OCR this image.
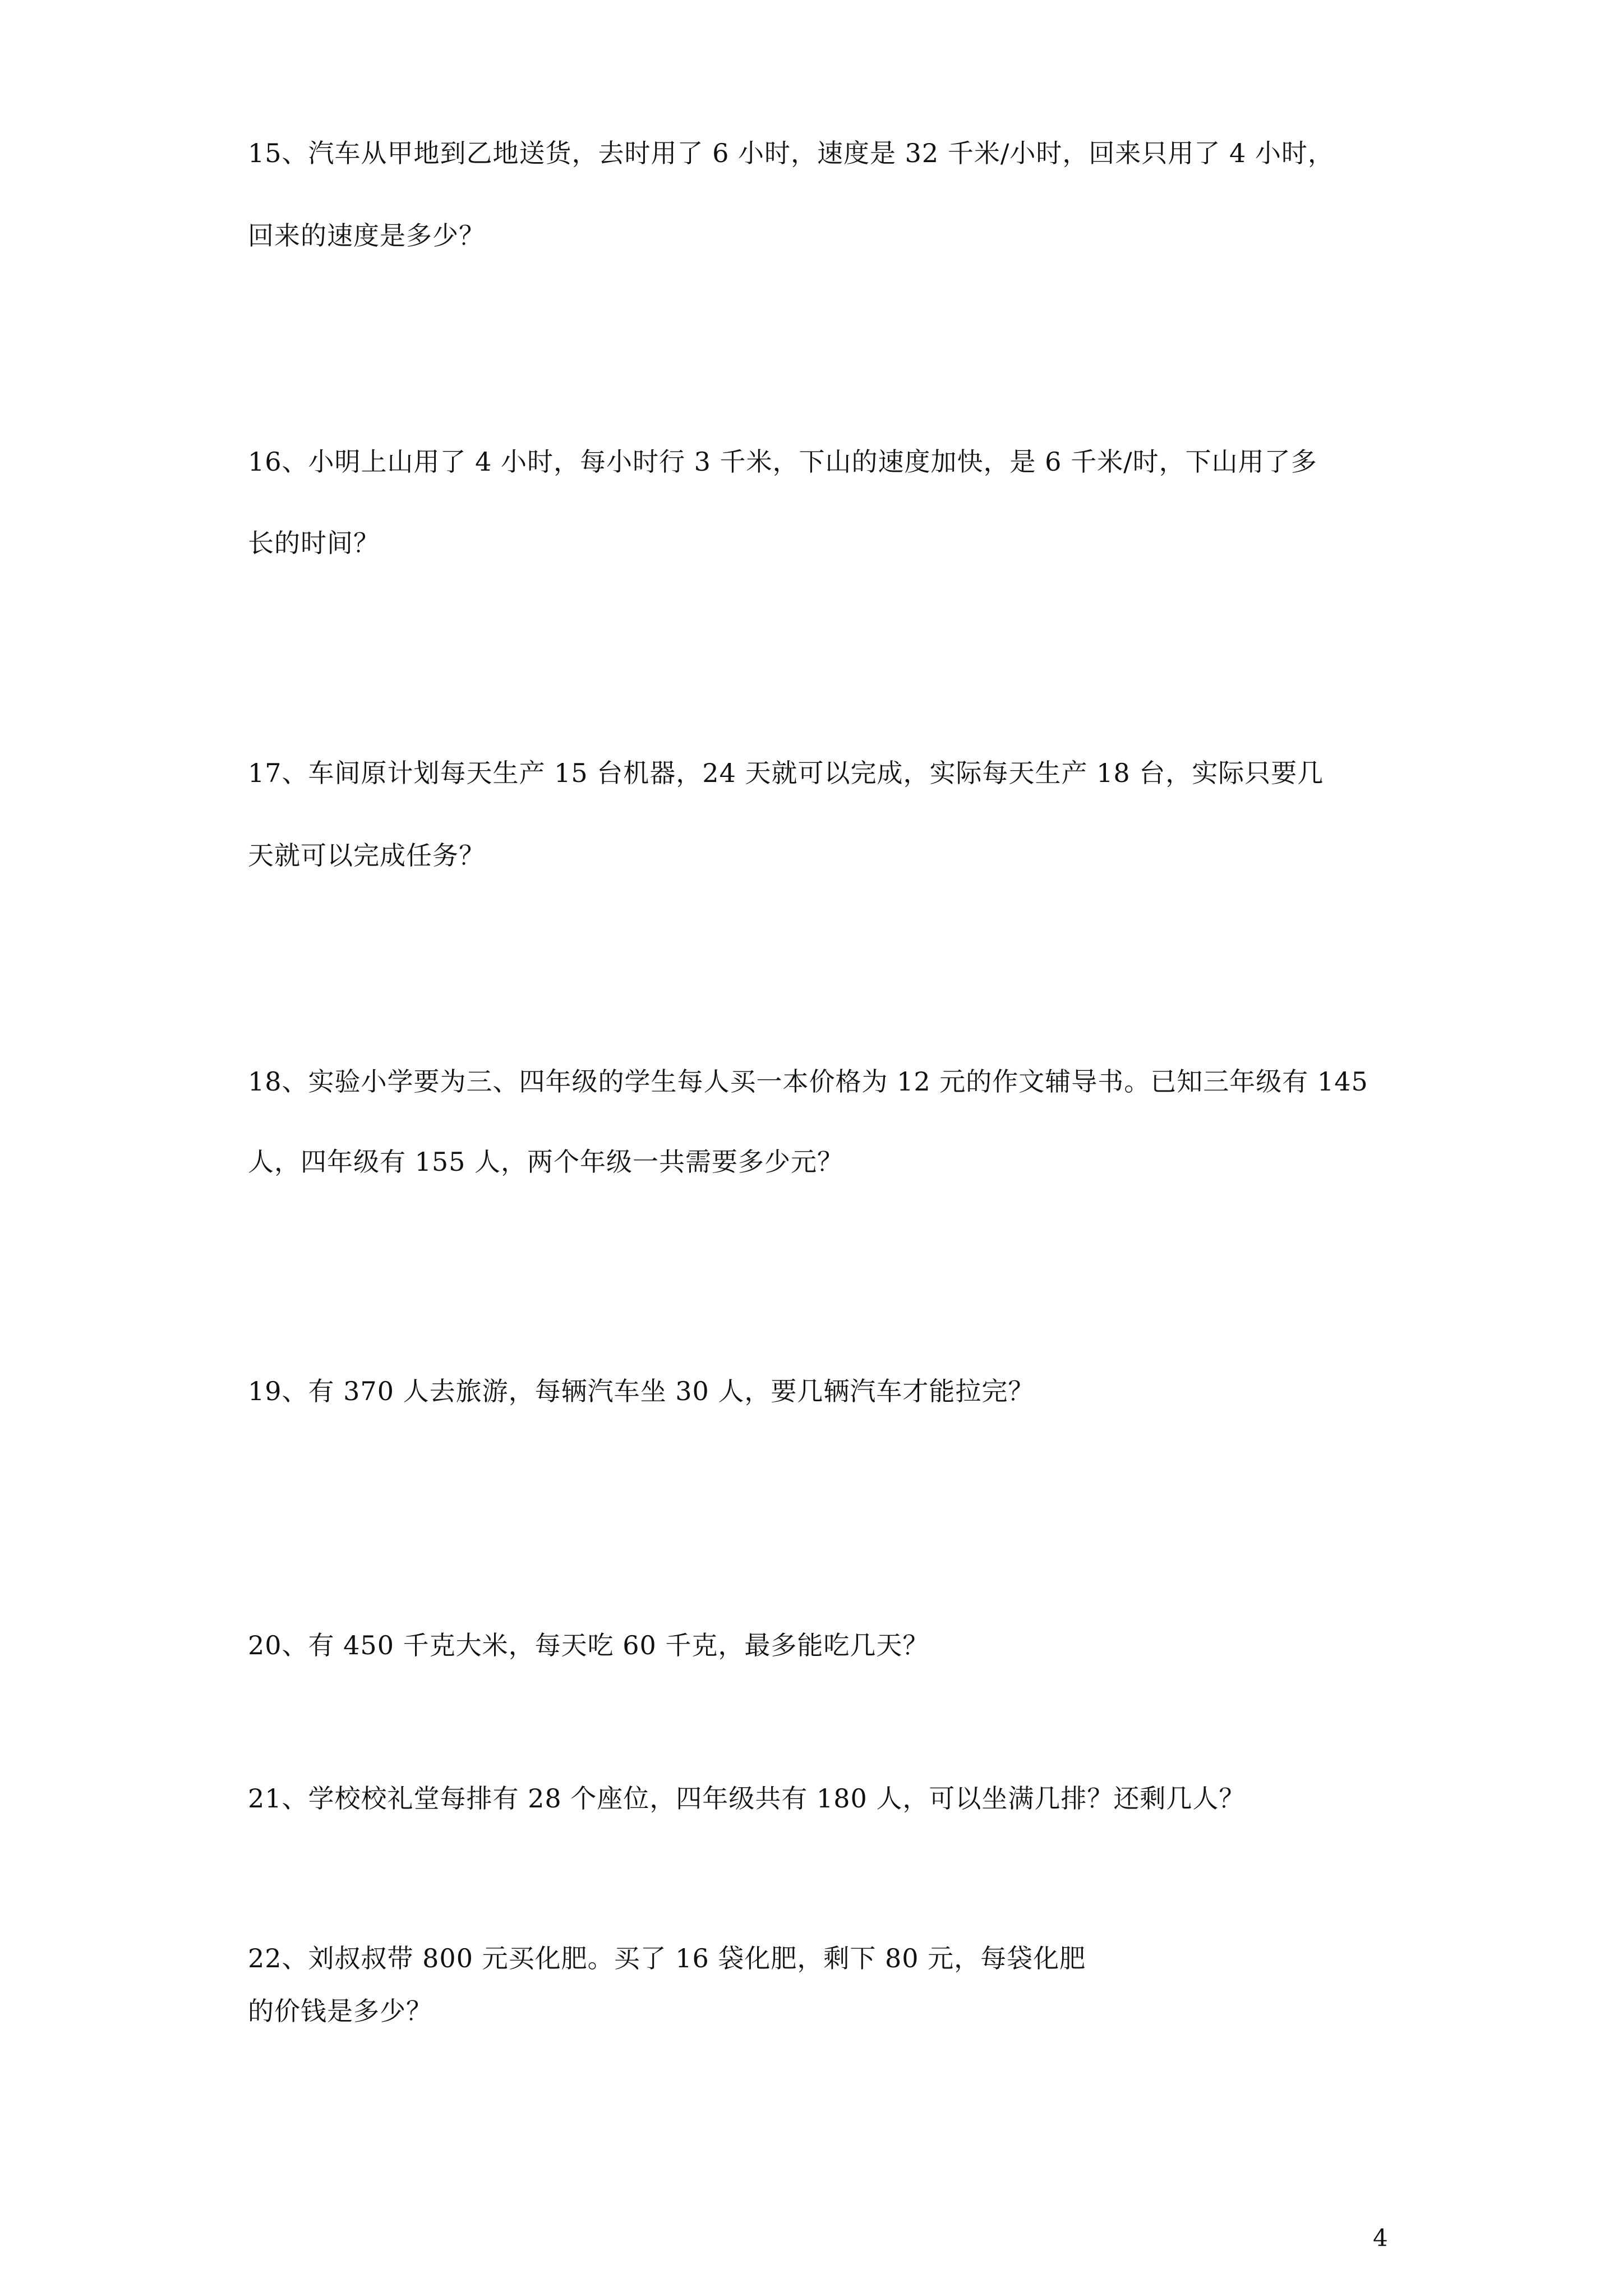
15、汽车从甲地到乙地送货，去时用了 6 小时，速度是 32 千米/小时，回来只用了 4 小时，
回来的速度是多少？
16、小明上山用了 4 小时，每小时行 3 千米，下山的速度加快，是 6 千米/时，下山用了多
长的时间？
17、车间原计划每天生产 15 台机器，24 天就可以完成，实际每天生产 18 台，实际只要几
天就可以完成任务？
18、实验小学要为三、四年级的学生每人买一本价格为 12 元的作文辅导书。已知三年级有 145
人，四年级有 155 人，两个年级一共需要多少元？
19、有 370 人去旅游，每辆汽车坐 30 人，要几辆汽车才能拉完？
20、有 450 千克大米，每天吃 60 千克，最多能吃几天？
21、学校校礼堂每排有 28 个座位，四年级共有 180 人，可以坐满几排？还剩几人？
22、刘叔叔带 800 元买化肥。买了 16 袋化肥，剩下 80 元，每袋化肥
的价钱是多少？
4
